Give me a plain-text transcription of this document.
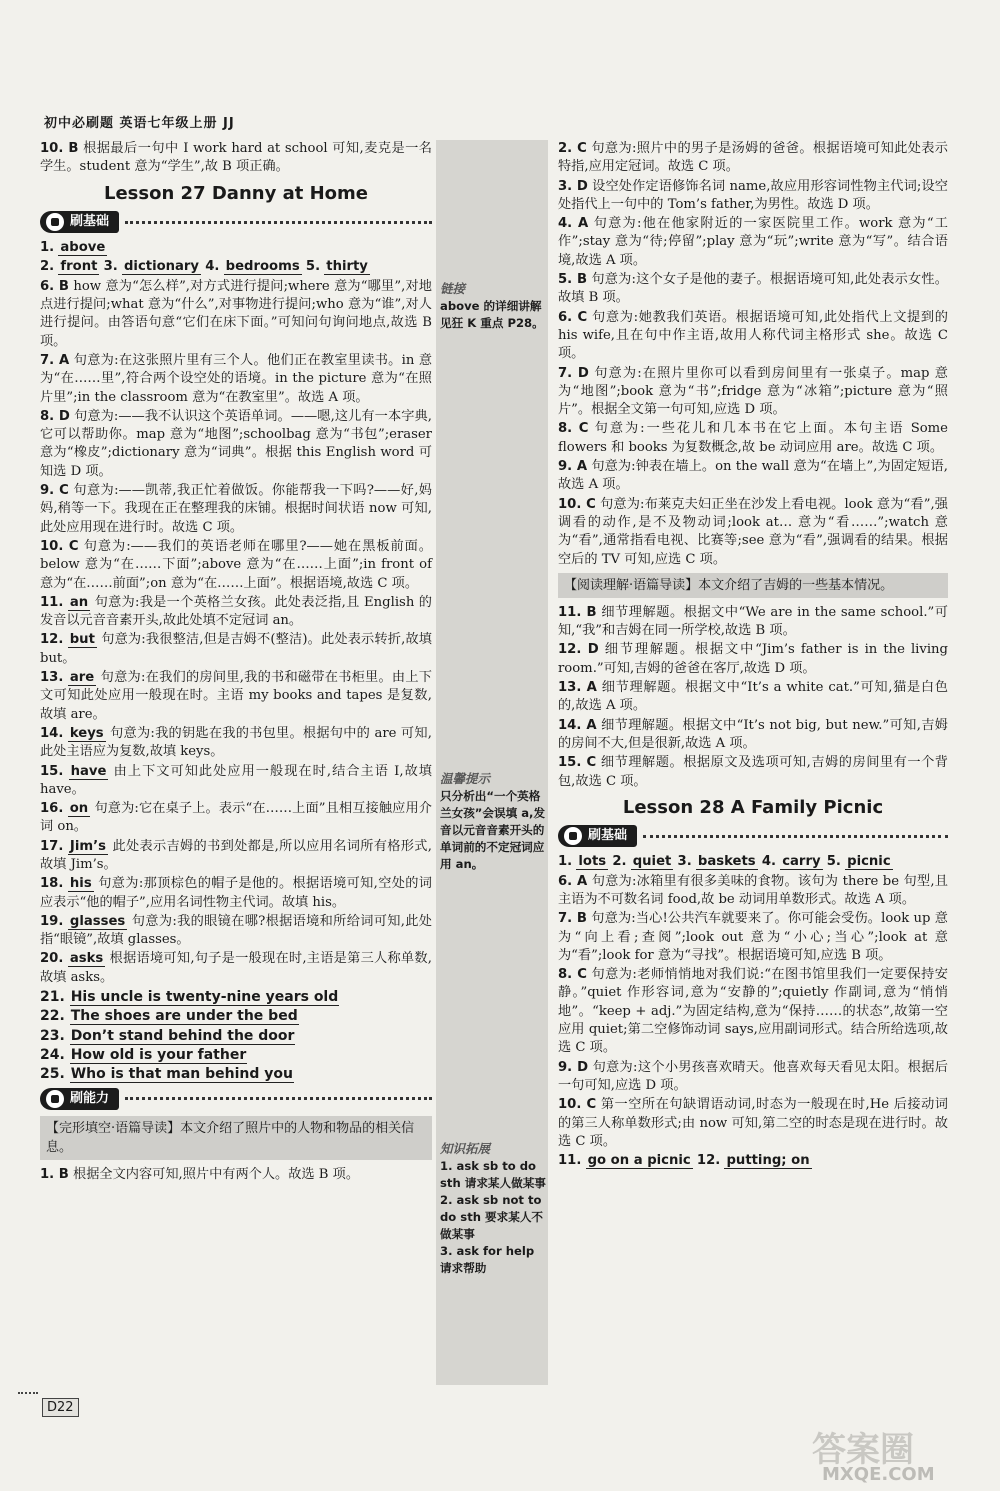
初中必刷题 英语七年级上册 JJ

10. B 根据最后一句中 I work hard at school 可知,麦克是一名学生。student 意为“学生”,故 B 项正确。

Lesson 27 Danny at Home
刷基础

1. above

2. front 3. dictionary 4. bedrooms 5. thirty

6. B how 意为“怎么样”,对方式进行提问;where 意为“哪里”,对地点进行提问;what 意为“什么”,对事物进行提问;who 意为“谁”,对人进行提问。由答语句意“它们在床下面。”可知问句询问地点,故选 B 项。

7. A 句意为:在这张照片里有三个人。他们正在教室里读书。in 意为“在……里”,符合两个设空处的语境。in the picture 意为“在照片里”;in the classroom 意为“在教室里”。故选 A 项。

8. D 句意为:——我不认识这个英语单词。——嗯,这儿有一本字典,它可以帮助你。map 意为“地图”;schoolbag 意为“书包”;eraser 意为“橡皮”;dictionary 意为“词典”。根据 this English word 可知选 D 项。

9. C 句意为:——凯蒂,我正忙着做饭。你能帮我一下吗?——好,妈妈,稍等一下。我现在正在整理我的床铺。根据时间状语 now 可知,此处应用现在进行时。故选 C 项。

10. C 句意为:——我们的英语老师在哪里?——她在黑板前面。below 意为“在……下面”;above 意为“在……上面”;in front of 意为“在……前面”;on 意为“在……上面”。根据语境,故选 C 项。

11. an 句意为:我是一个英格兰女孩。此处表泛指,且 English 的发音以元音音素开头,故此处填不定冠词 an。

12. but 句意为:我很整洁,但是吉姆不(整洁)。此处表示转折,故填 but。

13. are 句意为:在我们的房间里,我的书和磁带在书柜里。由上下文可知此处应用一般现在时。主语 my books and tapes 是复数,故填 are。

14. keys 句意为:我的钥匙在我的书包里。根据句中的 are 可知,此处主语应为复数,故填 keys。

15. have 由上下文可知此处应用一般现在时,结合主语 I,故填 have。

16. on 句意为:它在桌子上。表示“在……上面”且相互接触应用介词 on。

17. Jim’s 此处表示吉姆的书到处都是,所以应用名词所有格形式,故填 Jim’s。

18. his 句意为:那顶棕色的帽子是他的。根据语境可知,空处的词应表示“他的帽子”,应用名词性物主代词。故填 his。

19. glasses 句意为:我的眼镜在哪?根据语境和所给词可知,此处指“眼镜”,故填 glasses。

20. asks 根据语境可知,句子是一般现在时,主语是第三人称单数,故填 asks。

21. His uncle is twenty-nine years old

22. The shoes are under the bed

23. Don’t stand behind the door

24. How old is your father

25. Who is that man behind you

刷能力
【完形填空·语篇导读】本文介绍了照片中的人物和物品的相关信息。

1. B 根据全文内容可知,照片中有两个人。故选 B 项。

链接
above 的详细讲解见狂 K 重点 P28。
温馨提示
只分析出“一个英格兰女孩”会误填 a,发音以元音音素开头的单词前的不定冠词应用 an。
知识拓展
1. ask sb to do sth 请求某人做某事
2. ask sb not to do sth 要求某人不做某事
3. ask for help 请求帮助

2. C 句意为:照片中的男子是汤姆的爸爸。根据语境可知此处表示特指,应用定冠词。故选 C 项。

3. D 设空处作定语修饰名词 name,故应用形容词性物主代词;设空处指代上一句中的 Tom’s father,为男性。故选 D 项。

4. A 句意为:他在他家附近的一家医院里工作。work 意为“工作”;stay 意为“待;停留”;play 意为“玩”;write 意为“写”。结合语境,故选 A 项。

5. B 句意为:这个女子是他的妻子。根据语境可知,此处表示女性。故填 B 项。

6. C 句意为:她教我们英语。根据语境可知,此处指代上文提到的 his wife,且在句中作主语,故用人称代词主格形式 she。故选 C 项。

7. D 句意为:在照片里你可以看到房间里有一张桌子。map 意为“地图”;book 意为“书”;fridge 意为“冰箱”;picture 意为“照片”。根据全文第一句可知,应选 D 项。

8. C 句意为:一些花儿和几本书在它上面。本句主语 Some flowers 和 books 为复数概念,故 be 动词应用 are。故选 C 项。

9. A 句意为:钟表在墙上。on the wall 意为“在墙上”,为固定短语,故选 A 项。

10. C 句意为:布莱克夫妇正坐在沙发上看电视。look 意为“看”,强调看的动作,是不及物动词;look at… 意为“看……”;watch 意为“看”,通常指看电视、比赛等;see 意为“看”,强调看的结果。根据空后的 TV 可知,应选 C 项。

【阅读理解·语篇导读】本文介绍了吉姆的一些基本情况。

11. B 细节理解题。根据文中“We are in the same school.”可知,“我”和吉姆在同一所学校,故选 B 项。

12. D 细节理解题。根据文中“Jim’s father is in the living room.”可知,吉姆的爸爸在客厅,故选 D 项。

13. A 细节理解题。根据文中“It’s a white cat.”可知,猫是白色的,故选 A 项。

14. A 细节理解题。根据文中“It’s not big, but new.”可知,吉姆的房间不大,但是很新,故选 A 项。

15. C 细节理解题。根据原文及选项可知,吉姆的房间里有一个背包,故选 C 项。

Lesson 28 A Family Picnic
刷基础

1. lots 2. quiet 3. baskets 4. carry 5. picnic

6. A 句意为:冰箱里有很多美味的食物。该句为 there be 句型,且主语为不可数名词 food,故 be 动词用单数形式。故选 A 项。

7. B 句意为:当心!公共汽车就要来了。你可能会受伤。look up 意为“向上看;查阅”;look out 意为“小心;当心”;look at 意为“看”;look for 意为“寻找”。根据语境可知,应选 B 项。

8. C 句意为:老师悄悄地对我们说:“在图书馆里我们一定要保持安静。”quiet 作形容词,意为“安静的”;quietly 作副词,意为“悄悄地”。“keep + adj.”为固定结构,意为“保持……的状态”,故第一空应用 quiet;第二空修饰动词 says,应用副词形式。结合所给选项,故选 C 项。

9. D 句意为:这个小男孩喜欢晴天。他喜欢每天看见太阳。根据后一句可知,应选 D 项。

10. C 第一空所在句缺谓语动词,时态为一般现在时,He 后接动词的第三人称单数形式;由 now 可知,第二空的时态是现在进行时。故选 C 项。

11. go on a picnic 12. putting; on

D22
答案圈
MXQE.COM
